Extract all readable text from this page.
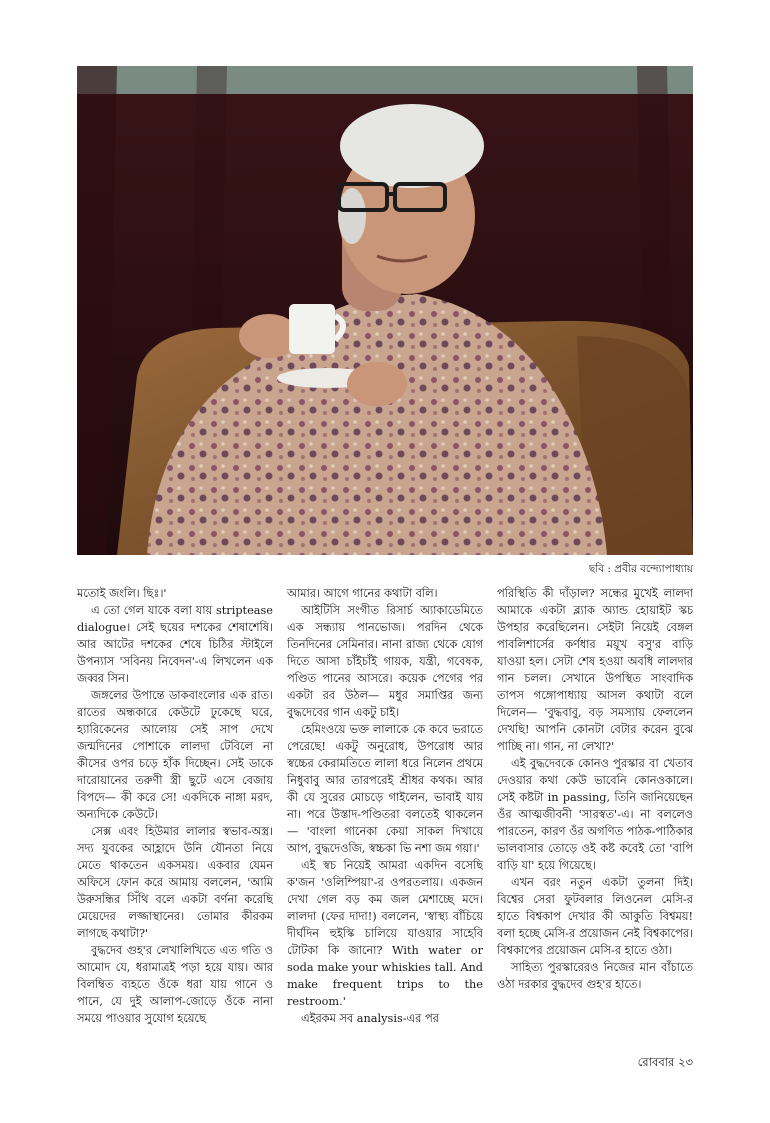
ছবি : প্রবীর বন্দ্যোপাধ্যায়

মতোই জংলি। ছিঃ।'

এ তো গেল যাকে বলা যায় striptease dialogue। সেই ছয়ের দশকের শেষাশেষি। আর আটের দশকের শেষে চিঠির স্টাইলে উপন্যাস 'সবিনয় নিবেদন'-এ লিখলেন এক জব্বর সিন।

জঙ্গলের উপান্তে ডাকবাংলোর এক রাত। রাতের অন্ধকারে কেউটে ঢুকেছে ঘরে, হ্যারিকেনের আলোয় সেই সাপ দেখে জন্মদিনের পোশাকে লালদা টেবিলে না কীসের ওপর চড়ে হাঁক দিচ্ছেন। সেই ডাকে দারোয়ানের তরুণী স্ত্রী ছুটে এসে বেজায় বিপদে— কী করে সে! একদিকে নাঙ্গা মরদ, অন্যদিকে কেউটে।

সেক্স এবং হিউমার লালার স্বভাব-অস্ত্র। সদ্য যুবকের আহ্লাদে উনি যৌনতা নিয়ে মেতে থাকতেন একসময়। একবার যেমন অফিসে ফোন করে আমায় বললেন, 'আমি উরুসন্ধির সিঁথি বলে একটা বর্ণনা করেছি মেয়েদের লজ্জাস্থানের। তোমার কীরকম লাগছে কথাটা?'

বুদ্ধদেব গুহ'র লেখালিখিতে এত গতি ও আমোদ যে, ধরামাত্রই পড়া হয়ে যায়। আর বিলম্বিত ব্যহতে ওঁকে ধরা যায় গানে ও পানে, যে দুই আলাপ-জোড়ে ওঁকে নানা সময়ে পাওয়ার সুযোগ হয়েছে

আমার। আগে গানের কথাটা বলি।

আইটিসি সংগীত রিসার্চ অ্যাকাডেমিতে এক সন্ধ্যায় পানভোজ। পরদিন থেকে তিনদিনের সেমিনার। নানা রাজ্য থেকে যোগ দিতে আসা চাঁইচাঁই গায়ক, যন্ত্রী, গবেষক, পণ্ডিত পানের আসরে। কয়েক পেগের পর একটা রব উঠল— মধুর সমাপ্তির জন্য বুদ্ধদেবের গান একটু চাই।

হেমিংওয়ে ভক্ত লালাকে কে কবে ভরাতে পেরেছে! একটু অনুরোধ, উপরোধ আর স্বচ্চের কেরামতিতে লালা ধরে নিলেন প্রথমে নিধুবাবু আর তারপরেই শ্রীধর কথক। আর কী যে সুরের মোচড়ে গাইলেন, ভাবাই যায় না। পরে উস্তাদ-পণ্ডিতরা বলতেই থাকলেন— 'বাংলা গানেকা কেয়া সাকল দিখায়ে আপ, বুদ্ধদেওজি, স্বচ্চকা ভি নশা জম গয়া।'

এই স্বচ নিয়েই আমরা একদিন বসেছি ক'জন 'ওলিম্পিয়া'-র ওপরতলায়। একজন দেখা গেল বড় কম জল মেশাচ্ছে মদে। লালদা (ফের দাদা!) বললেন, 'স্বাস্থ্য বাঁচিয়ে দীর্ঘদিন হুইস্কি চালিয়ে যাওয়ার সাহেবি টোটকা কি জানো? With water or soda make your whiskies tall. And make frequent trips to the restroom.'

এইরকম সব analysis-এর পর

পরিস্থিতি কী দাঁড়াল? সন্ধের মুখেই লালদা আমাকে একটা ব্ল্যাক অ্যান্ড হোয়াইট স্কচ উপহার করেছিলেন। সেইটা নিয়েই বেঙ্গল পাবলিশার্সের কর্ণধার ময়ূখ বসু'র বাড়ি যাওয়া হল। সেটা শেষ হওয়া অবধি লালদার গান চলল। সেখানে উপস্থিত সাংবাদিক তাপস গঙ্গোপাধ্যায় আসল কথাটা বলে দিলেন— 'বুদ্ধবাবু, বড় সমস্যায় ফেললেন দেখছি! আপনি কোনটা বেটার করেন বুঝে পাচ্ছি না। গান, না লেখা?'

এই বুদ্ধদেবকে কোনও পুরস্কার বা খেতাব দেওয়ার কথা কেউ ভাবেনি কোনওকালে। সেই কষ্টটা in passing, তিনি জানিয়েছেন ওঁর আত্মজীবনী 'সারস্বত'-এ। না বললেও পারতেন, কারণ ওঁর অগণিত পাঠক-পাঠিকার ভালবাসার তোড়ে ওই কষ্ট কবেই তো 'বাপি বাড়ি যা' হয়ে গিয়েছে।

এখন বরং নতুন একটা তুলনা দিই। বিশ্বের সেরা ফুটবলার লিওনেল মেসি-র হাতে বিশ্বকাপ দেখার কী আকুতি বিশ্বময়! বলা হচ্ছে মেসি-র প্রয়োজন নেই বিশ্বকাপের। বিশ্বকাপের প্রয়োজন মেসি-র হাতে ওঠা।

সাহিত্য পুরস্কারেরও নিজের মান বাঁচাতে ওঠা দরকার বুদ্ধদেব গুহ'র হাতে।

রোববার ২৩
